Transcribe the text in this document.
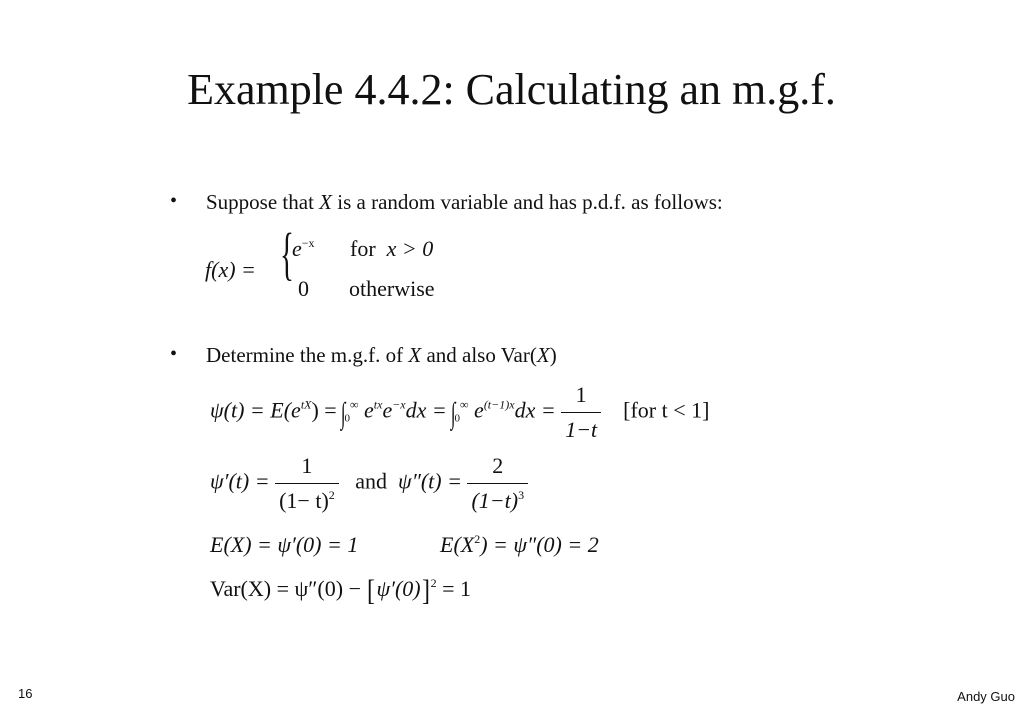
Example 4.4.2: Calculating an m.g.f.
• Suppose that X is a random variable and has p.d.f. as follows:
f(x) = {
$e^{-x}$ for x > 0
0 otherwise
• Determine the m.g.f. of X and also Var(X)
$\psi(t) = E(e^{tX}) = \int_0^\infty$ $e^{tx}e^{-x}dx = \int_0^\infty$ $e^{(t-1)x}dx = \frac{1}{1-t} [for$ t < 1]
$\psi'(t) = \frac{1}{(1- t)^2}$ and $\psi''(t) = \frac{2}{(1-t)^3}$
E(X) = ψ′(0) = 1	$E(X^2) = \psi''(0) = 2$
$Var(X) = \psi''(0) - [\psi'(0)]^2 = 1$
16	Andy Guo
